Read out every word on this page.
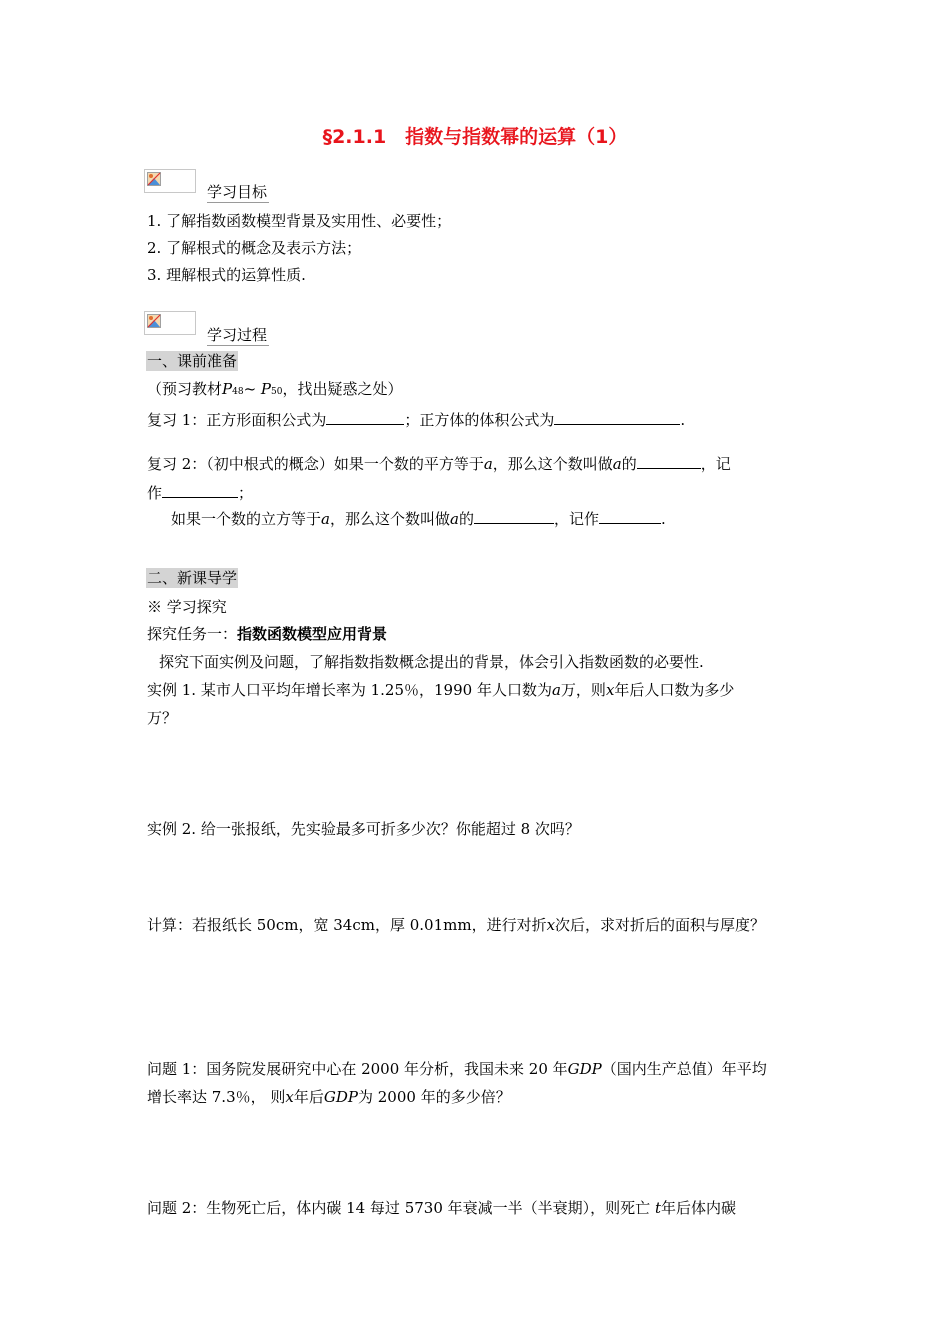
§2.1.1　指数与指数幂的运算（1）
学习目标
1. 了解指数函数模型背景及实用性、必要性；
2. 了解根式的概念及表示方法；
3. 理解根式的运算性质.
学习过程
一、课前准备
（预习教材P48~ P50，找出疑惑之处）
复习 1：正方形面积公式为	；正方体的体积公式为	.
复习 2：（初中根式的概念）如果一个数的平方等于a，那么这个数叫做a的	，记
作	；
如果一个数的立方等于a，那么这个数叫做a的	，记作	.
二、新课导学
※ 学习探究
探究任务一：指数函数模型应用背景
探究下面实例及问题，了解指数指数概念提出的背景，体会引入指数函数的必要性.
实例 1. 某市人口平均年增长率为 1.25％，1990 年人口数为a万，则x年后人口数为多少
万？
实例 2. 给一张报纸，先实验最多可折多少次？你能超过 8 次吗？
计算：若报纸长 50cm，宽 34cm，厚 0.01mm，进行对折x次后，求对折后的面积与厚度？
问题 1：国务院发展研究中心在 2000 年分析，我国未来 20 年GDP（国内生产总值）年平均
增长率达 7.3％， 则x年后GDP为 2000 年的多少倍？
问题 2：生物死亡后，体内碳 14 每过 5730 年衰减一半（半衰期），则死亡 t年后体内碳
